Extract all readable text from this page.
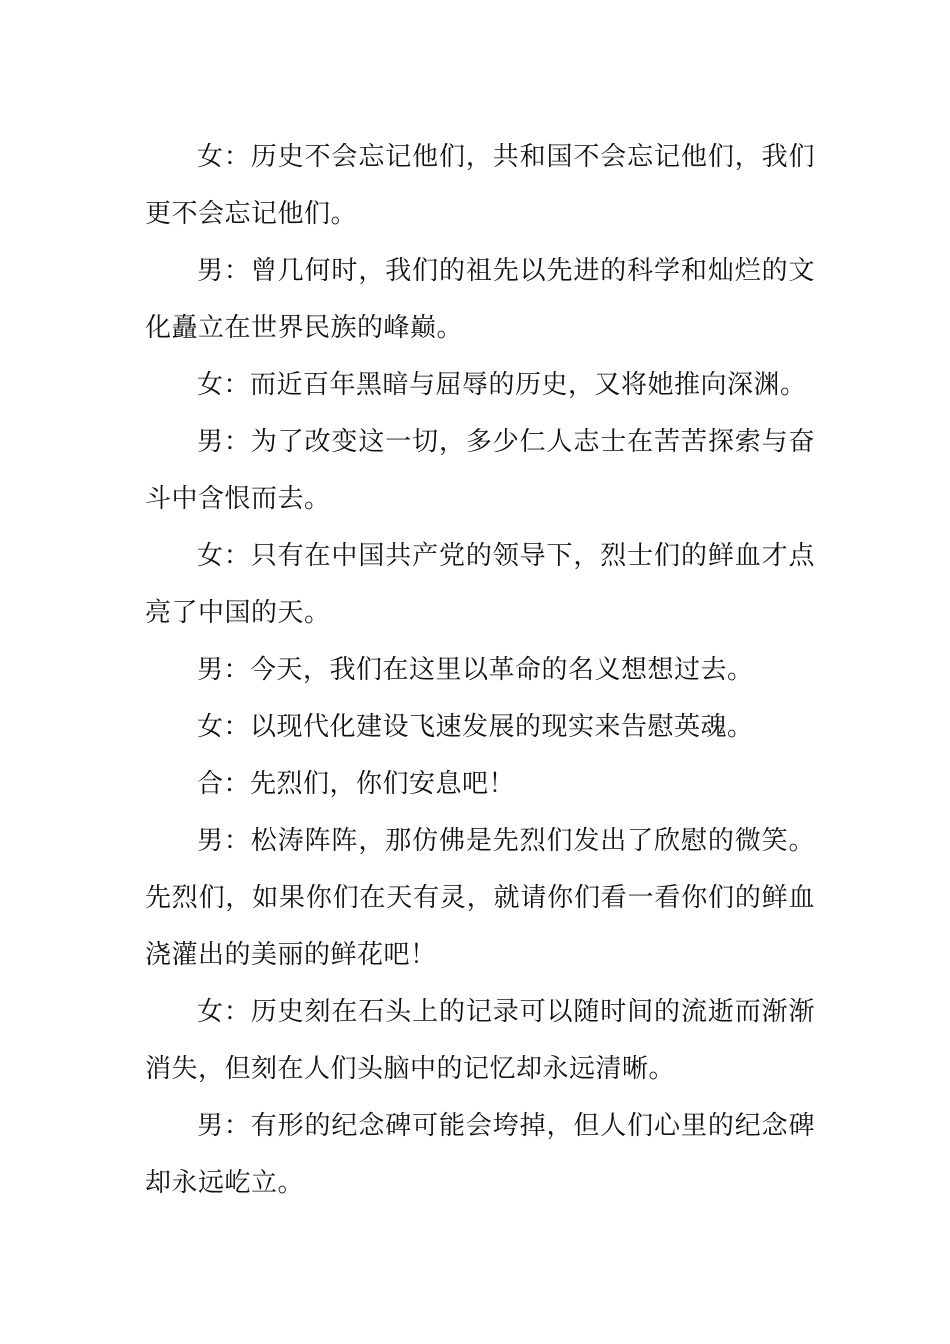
女：历史不会忘记他们，共和国不会忘记他们，我们更不会忘记他们。

男：曾几何时，我们的祖先以先进的科学和灿烂的文化矗立在世界民族的峰巅。

女：而近百年黑暗与屈辱的历史，又将她推向深渊。

男：为了改变这一切，多少仁人志士在苦苦探索与奋斗中含恨而去。

女：只有在中国共产党的领导下，烈士们的鲜血才点亮了中国的天。

男：今天，我们在这里以革命的名义想想过去。

女：以现代化建设飞速发展的现实来告慰英魂。

合：先烈们，你们安息吧！

男：松涛阵阵，那仿佛是先烈们发出了欣慰的微笑。先烈们，如果你们在天有灵，就请你们看一看你们的鲜血浇灌出的美丽的鲜花吧！

女：历史刻在石头上的记录可以随时间的流逝而渐渐消失，但刻在人们头脑中的记忆却永远清晰。

男：有形的纪念碑可能会垮掉，但人们心里的纪念碑却永远屹立。
